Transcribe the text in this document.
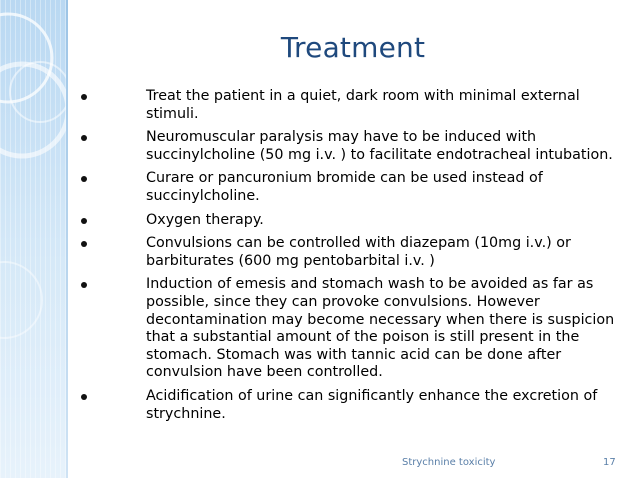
Treatment
Treat the patient in a quiet, dark room with minimal external stimuli.
Neuromuscular paralysis may have to be induced with succinylcholine (50 mg i.v. ) to facilitate endotracheal intubation.
Curare or pancuronium bromide can be used instead of succinylcholine.
Oxygen therapy.
Convulsions can be controlled with diazepam (10mg i.v.) or barbiturates (600 mg pentobarbital i.v. )
Induction of emesis and stomach wash to be avoided as far as possible, since they can provoke convulsions. However decontamination may become necessary when there is suspicion that a substantial amount of the poison is still present in the stomach. Stomach was with tannic acid can be done after convulsion have been controlled.
Acidification of urine can significantly enhance the excretion of strychnine.
Strychnine toxicity	17
